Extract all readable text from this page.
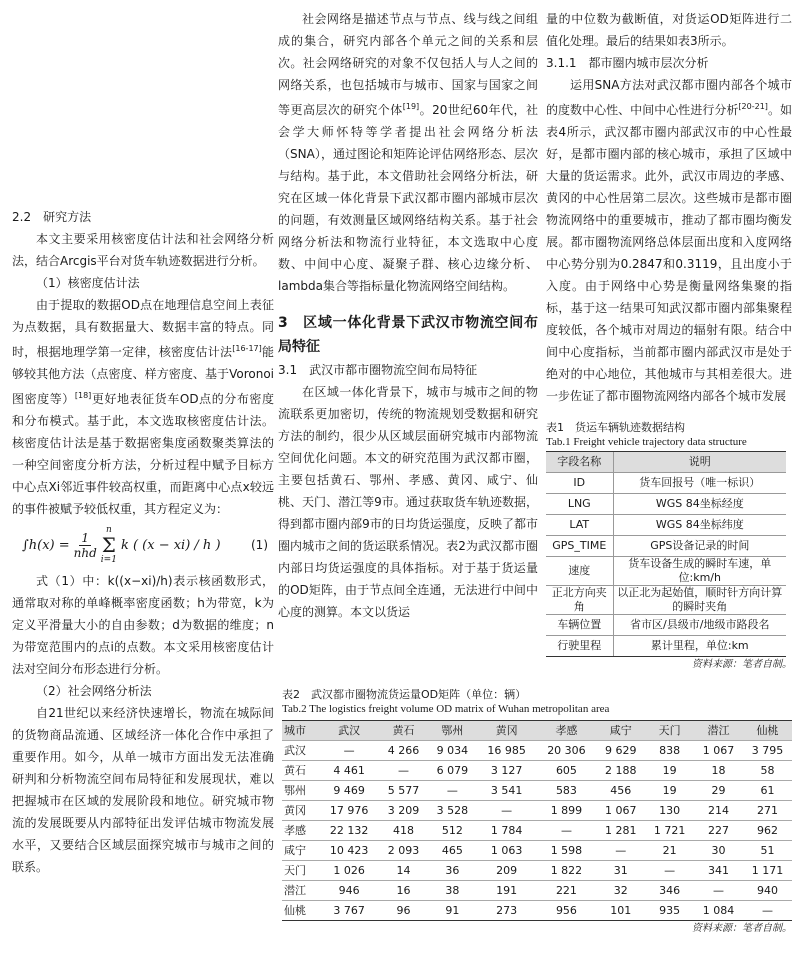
2.2　研究方法

本文主要采用核密度估计法和社会网络分析法，结合Arcgis平台对货车轨迹数据进行分析。

（1）核密度估计法

由于提取的数据OD点在地理信息空间上表征为点数据，具有数据量大、数据丰富的特点。同时，根据地理学第一定律，核密度估计法[16-17]能够较其他方法（点密度、样方密度、基于Voronoi图密度等）[18]更好地表征货车OD点的分布密度和分布模式。基于此，本文选取核密度估计法。核密度估计法是基于数据密集度函数聚类算法的一种空间密度分析方法，分析过程中赋予目标方中心点Xi邻近事件较高权重，而距离中心点x较远的事件被赋予较低权重，其方程定义为：

$\int h(x) = \frac{1}{\text{nhd}}$
n
Σ
i=1
k ( (x − xi) / h )	(1)

式（1）中：k((x−xi)/h)表示核函数形式，通常取对称的单峰概率密度函数；h为带宽，k为定义平滑量大小的自由参数；d为数据的维度；n为带宽范围内的点i的点数。本文采用核密度估计法对空间分布形态进行分析。

（2）社会网络分析法

自21世纪以来经济快速增长，物流在城际间的货物商品流通、区域经济一体化合作中承担了重要作用。如今，从单一城市方面出发无法准确研判和分析物流空间布局特征和发展现状，难以把握城市在区域的发展阶段和地位。研究城市物流的发展既要从内部特征出发评估城市物流发展水平，又要结合区域层面探究城市与城市之间的联系。

社会网络是描述节点与节点、线与线之间组成的集合，研究内部各个单元之间的关系和层次。社会网络研究的对象不仅包括人与人之间的网络关系，也包括城市与城市、国家与国家之间等更高层次的研究个体[19]。20世纪60年代，社会学大师怀特等学者提出社会网络分析法（SNA），通过图论和矩阵论评估网络形态、层次与结构。基于此，本文借助社会网络分析法，研究在区域一体化背景下武汉都市圈内部城市层次的问题，有效测量区域网络结构关系。基于社会网络分析法和物流行业特征，本文选取中心度数、中间中心度、凝聚子群、核心边缘分析、lambda集合等指标量化物流网络空间结构。

3　区域一体化背景下武汉市物流空间布局特征

3.1　武汉市都市圈物流空间布局特征

在区域一体化背景下，城市与城市之间的物流联系更加密切，传统的物流规划受数据和研究方法的制约，很少从区域层面研究城市内部物流空间优化问题。本文的研究范围为武汉都市圈，主要包括黄石、鄂州、孝感、黄冈、咸宁、仙桃、天门、潜江等9市。通过获取货车轨迹数据，得到都市圈内部9市的日均货运强度，反映了都市圈内城市之间的货运联系情况。表2为武汉都市圈内部日均货运强度的具体指标。对于基于货运量的OD矩阵，由于节点间全连通，无法进行中间中心度的测算。本文以货运

量的中位数为截断值，对货运OD矩阵进行二值化处理。最后的结果如表3所示。

3.1.1　都市圈内城市层次分析

运用SNA方法对武汉都市圈内部各个城市的度数中心性、中间中心性进行分析[20-21]。如表4所示，武汉都市圈内部武汉市的中心性最好，是都市圈内部的核心城市，承担了区域中大量的货运需求。此外，武汉市周边的孝感、黄冈的中心性居第二层次。这些城市是都市圈物流网络中的重要城市，推动了都市圈均衡发展。都市圈物流网络总体层面出度和入度网络中心势分别为0.2847和0.3119，且出度小于入度。由于网络中心势是衡量网络集聚的指标，基于这一结果可知武汉都市圈内部集聚程度较低，各个城市对周边的辐射有限。结合中间中心度指标，当前都市圈内部武汉市是处于绝对的中心地位，其他城市与其相差很大。进一步佐证了都市圈物流网络内部各个城市发展

表1　货运车辆轨迹数据结构
Tab.1 Freight vehicle trajectory data structure
字段名称	说明
ID	货车回报号（唯一标识）
LNG	WGS 84坐标经度
LAT	WGS 84坐标纬度
GPS_TIME	GPS设备记录的时间
速度	货车设备生成的瞬时车速，单位:km/h
正北方向夹角	以正北为起始值，顺时针方向计算的瞬时夹角
车辆位置	省市区/县级市/地级市路段名
行驶里程	累计里程，单位:km
资料来源：笔者自制。
表2　武汉都市圈物流货运量OD矩阵（单位：辆）
Tab.2 The logistics freight volume OD matrix of Wuhan metropolitan area
城市	武汉	黄石	鄂州	黄冈	孝感	咸宁	天门	潜江	仙桃
武汉	—	4 266	9 034	16 985	20 306	9 629	838	1 067	3 795
黄石	4 461	—	6 079	3 127	605	2 188	19	18	58
鄂州	9 469	5 577	—	3 541	583	456	19	29	61
黄冈	17 976	3 209	3 528	—	1 899	1 067	130	214	271
孝感	22 132	418	512	1 784	—	1 281	1 721	227	962
咸宁	10 423	2 093	465	1 063	1 598	—	21	30	51
天门	1 026	14	36	209	1 822	31	—	341	1 171
潜江	946	16	38	191	221	32	346	—	940
仙桃	3 767	96	91	273	956	101	935	1 084	—
资料来源：笔者自制。
